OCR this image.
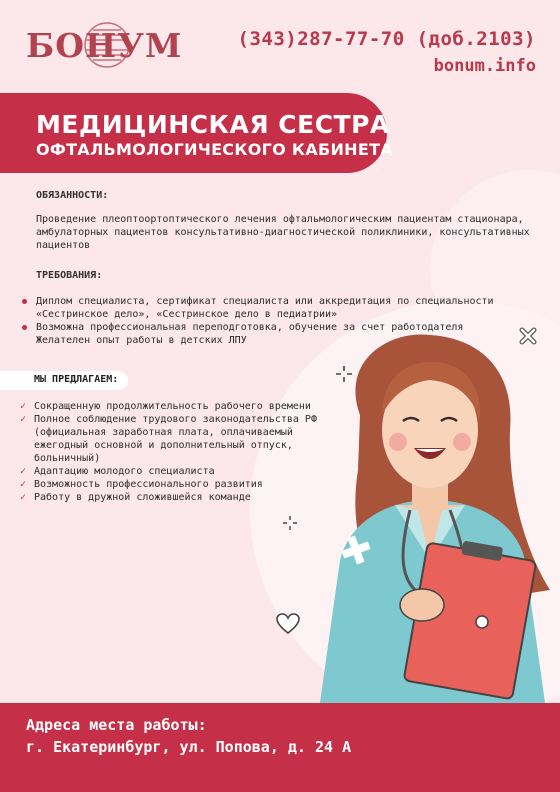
БОНУМ	(343)287-77-70 (доб.2103)
bonum.info
МЕДИЦИНСКАЯ СЕСТРА
ОФТАЛЬМОЛОГИЧЕСКОГО КАБИНЕТА
ОБЯЗАННОСТИ:
Проведение плеоптоортоптического лечения офтальмологическим пациентам стационара, амбулаторных пациентов консультативно-диагностической поликлиники, консультативных пациентов
ТРЕБОВАНИЯ:
Диплом специалиста, сертификат специалиста или аккредитация по специальности «Сестринское дело», «Сестринское дело в педиатрии»
Возможна профессиональная переподготовка, обучение за счет работодателя
Желателен опыт работы в детских ЛПУ
МЫ ПРЕДЛАГАЕМ:
✓ Сокращенную продолжительность рабочего времени
✓ Полное соблюдение трудового законодательства РФ (официальная заработная плата, оплачиваемый ежегодный основной и дополнительный отпуск, больничный)
✓ Адаптацию молодого специалиста
✓ Возможность профессионального развития
✓ Работу в дружной сложившейся команде
Адреса места работы:
г. Екатеринбург, ул. Попова, д. 24 А
